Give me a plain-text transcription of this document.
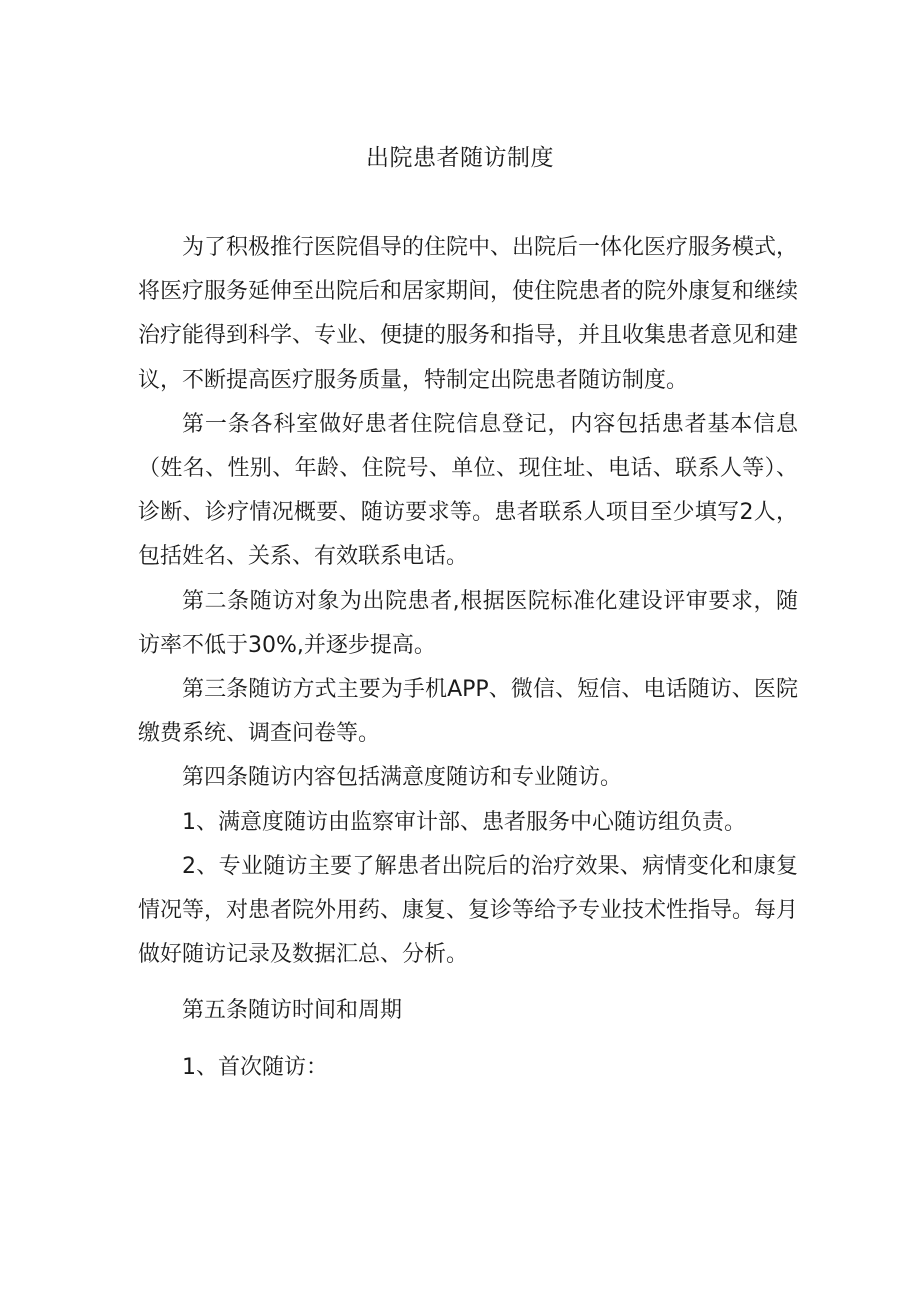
出院患者随访制度

为了积极推行医院倡导的住院中、出院后一体化医疗服务模式，将医疗服务延伸至出院后和居家期间，使住院患者的院外康复和继续治疗能得到科学、专业、便捷的服务和指导，并且收集患者意见和建议，不断提高医疗服务质量，特制定出院患者随访制度。

第一条各科室做好患者住院信息登记，内容包括患者基本信息（姓名、性别、年龄、住院号、单位、现住址、电话、联系人等）、诊断、诊疗情况概要、随访要求等。患者联系人项目至少填写2人，包括姓名、关系、有效联系电话。

第二条随访对象为出院患者,根据医院标准化建设评审要求，随访率不低于30%,并逐步提高。

第三条随访方式主要为手机APP、微信、短信、电话随访、医院缴费系统、调查问卷等。

第四条随访内容包括满意度随访和专业随访。

1、满意度随访由监察审计部、患者服务中心随访组负责。

2、专业随访主要了解患者出院后的治疗效果、病情变化和康复情况等，对患者院外用药、康复、复诊等给予专业技术性指导。每月做好随访记录及数据汇总、分析。

第五条随访时间和周期

1、首次随访：
